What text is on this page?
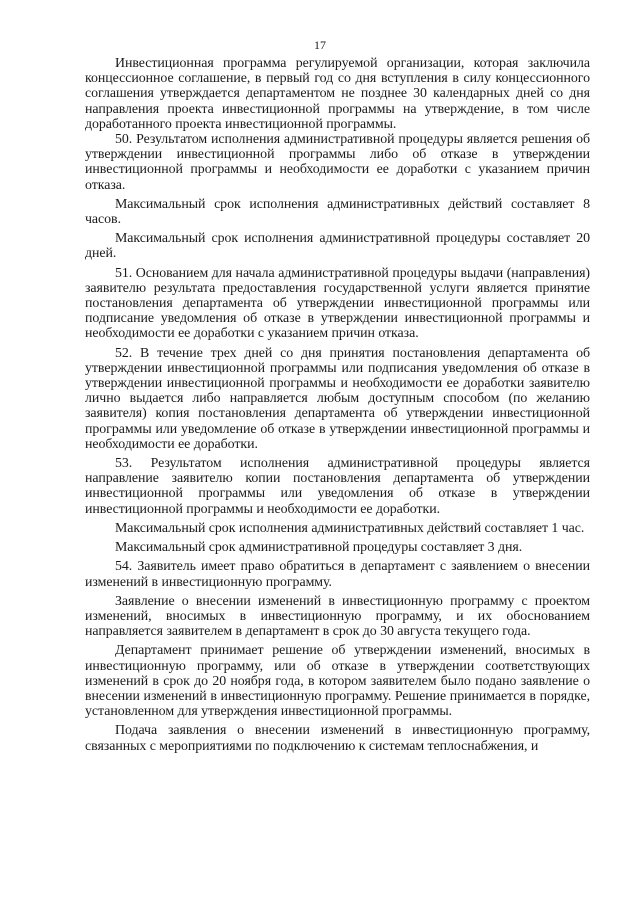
17

Инвестиционная программа регулируемой организации, которая заключила концессионное соглашение, в первый год со дня вступления в силу концессионного соглашения утверждается департаментом не позднее 30 календарных дней со дня направления проекта инвестиционной программы на утверждение, в том числе доработанного проекта инвестиционной программы.

50. Результатом исполнения административной процедуры является решения об утверждении инвестиционной программы либо об отказе в утверждении инвестиционной программы и необходимости ее доработки с указанием причин отказа.

Максимальный срок исполнения административных действий составляет 8 часов.

Максимальный срок исполнения административной процедуры составляет 20 дней.

51. Основанием для начала административной процедуры выдачи (направления) заявителю результата предоставления государственной услуги является принятие постановления департамента об утверждении инвестиционной программы или подписание уведомления об отказе в утверждении инвестиционной программы и необходимости ее доработки с указанием причин отказа.

52. В течение трех дней со дня принятия постановления департамента об утверждении инвестиционной программы или подписания уведомления об отказе в утверждении инвестиционной программы и необходимости ее доработки заявителю лично выдается либо направляется любым доступным способом (по желанию заявителя) копия постановления департамента об утверждении инвестиционной программы или уведомление об отказе в утверждении инвестиционной программы и необходимости ее доработки.

53. Результатом исполнения административной процедуры является направление заявителю копии постановления департамента об утверждении инвестиционной программы или уведомления об отказе в утверждении инвестиционной программы и необходимости ее доработки.

Максимальный срок исполнения административных действий составляет 1 час.

Максимальный срок административной процедуры составляет 3 дня.

54. Заявитель имеет право обратиться в департамент с заявлением о внесении изменений в инвестиционную программу.

Заявление о внесении изменений в инвестиционную программу с проектом изменений, вносимых в инвестиционную программу, и их обоснованием направляется заявителем в департамент в срок до 30 августа текущего года.

Департамент принимает решение об утверждении изменений, вносимых в инвестиционную программу, или об отказе в утверждении соответствующих изменений в срок до 20 ноября года, в котором заявителем было подано заявление о внесении изменений в инвестиционную программу. Решение принимается в порядке, установленном для утверждения инвестиционной программы.

Подача заявления о внесении изменений в инвестиционную программу, связанных с мероприятиями по подключению к системам теплоснабжения, и
